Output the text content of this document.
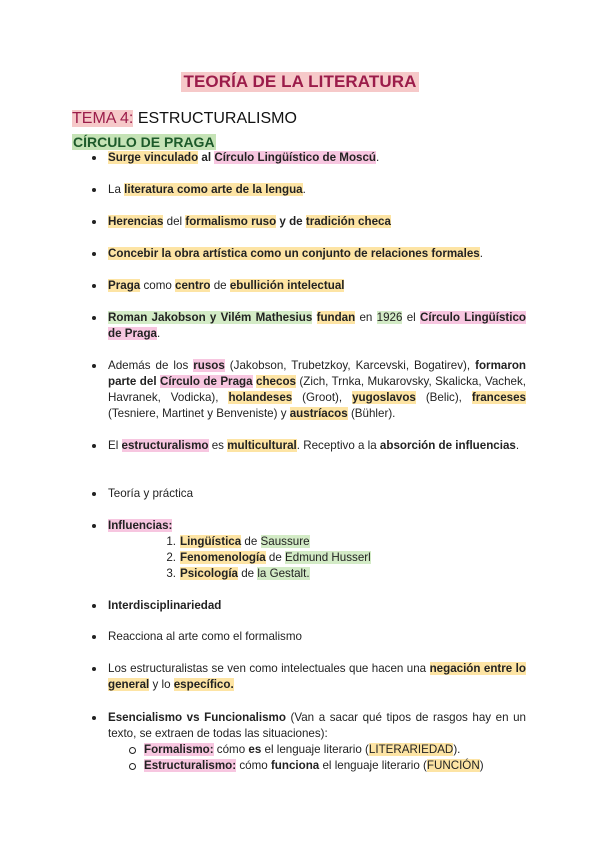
TEORÍA DE LA LITERATURA
TEMA 4: ESTRUCTURALISMO
CÍRCULO DE PRAGA
Surge vinculado al Círculo Lingüístico de Moscú.
La literatura como arte de la lengua.
Herencias del formalismo ruso y de tradición checa
Concebir la obra artística como un conjunto de relaciones formales.
Praga como centro de ebullición intelectual
Roman Jakobson y Vilém Mathesius fundan en 1926 el Círculo Lingüístico de Praga.
Además de los rusos (Jakobson, Trubetzkoy, Karcevski, Bogatirev), formaron parte del Círculo de Praga checos (Zich, Trnka, Mukarovsky, Skalicka, Vachek, Havranek, Vodicka), holandeses (Groot), yugoslavos (Belic), franceses (Tesniere, Martinet y Benveniste) y austríacos (Bühler).
El estructuralismo es multicultural. Receptivo a la absorción de influencias.
Teoría y práctica
Influencias:
1. Lingüística de Saussure
2. Fenomenología de Edmund Husserl
3. Psicología de la Gestalt.
Interdisciplinariedad
Reacciona al arte como el formalismo
Los estructuralistas se ven como intelectuales que hacen una negación entre lo general y lo específico.
Esencialismo vs Funcionalismo (Van a sacar qué tipos de rasgos hay en un texto, se extraen de todas las situaciones):
Formalismo: cómo es el lenguaje literario (LITERARIEDAD).
Estructuralismo: cómo funciona el lenguaje literario (FUNCIÓN)
